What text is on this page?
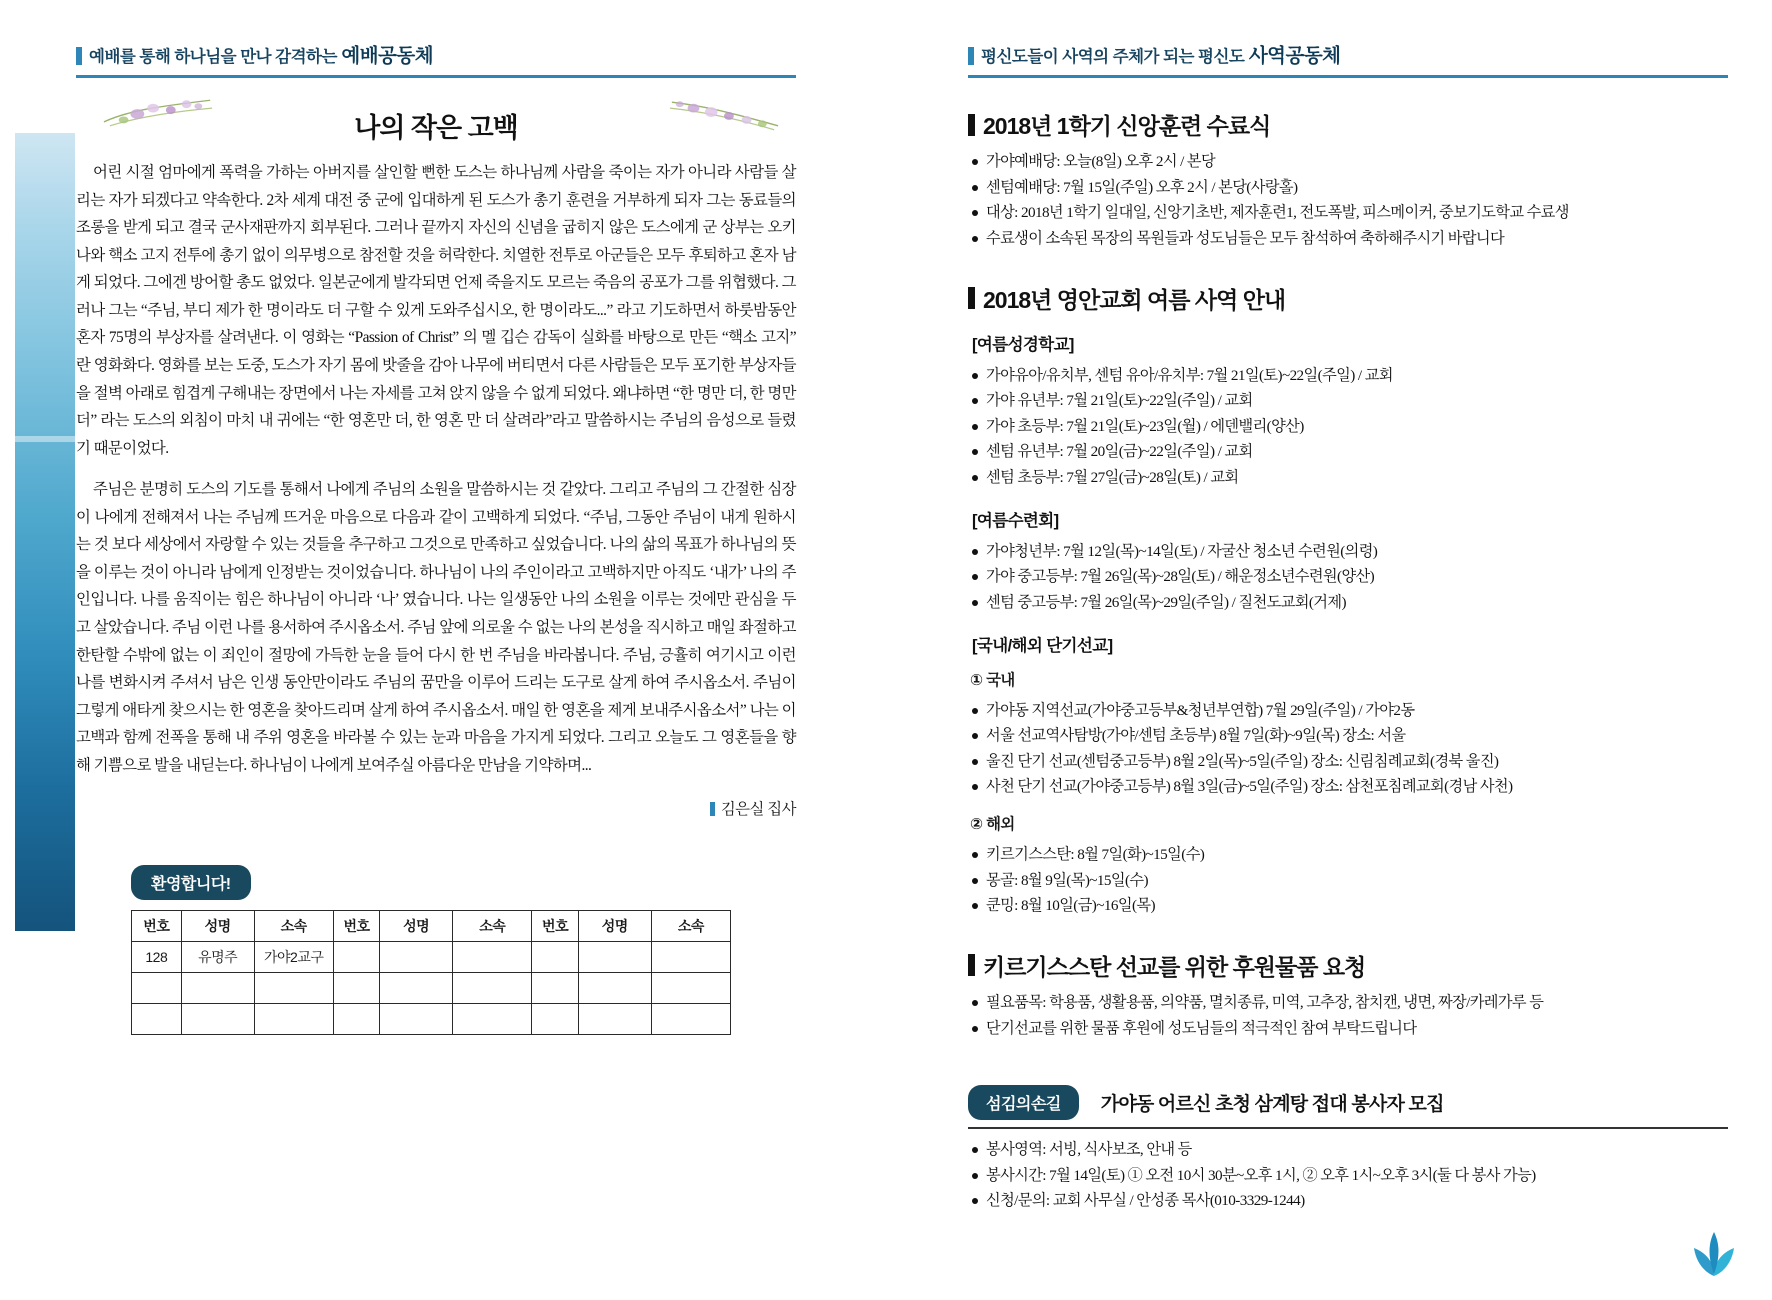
예배를 통해 하나님을 만나 감격하는 예배공동체
나의 작은 고백

어린 시절 엄마에게 폭력을 가하는 아버지를 살인할 뻔한 도스는 하나님께 사람을 죽이는 자가 아니라 사람들 살리는 자가 되겠다고 약속한다. 2차 세계 대전 중 군에 입대하게 된 도스가 총기 훈련을 거부하게 되자 그는 동료들의 조롱을 받게 되고 결국 군사재판까지 회부된다. 그러나 끝까지 자신의 신념을 굽히지 않은 도스에게 군 상부는 오키나와 핵소 고지 전투에 총기 없이 의무병으로 참전할 것을 허락한다. 치열한 전투로 아군들은 모두 후퇴하고 혼자 남게 되었다. 그에겐 방어할 총도 없었다. 일본군에게 발각되면 언제 죽을지도 모르는 죽음의 공포가 그를 위협했다. 그러나 그는 “주님, 부디 제가 한 명이라도 더 구할 수 있게 도와주십시오, 한 명이라도...” 라고 기도하면서 하룻밤동안 혼자 75명의 부상자를 살려낸다. 이 영화는 “Passion of Christ” 의 멜 깁슨 감독이 실화를 바탕으로 만든 “핵소 고지” 란 영화화다. 영화를 보는 도중, 도스가 자기 몸에 밧줄을 감아 나무에 버티면서 다른 사람들은 모두 포기한 부상자들을 절벽 아래로 힘겹게 구해내는 장면에서 나는 자세를 고쳐 앉지 않을 수 없게 되었다. 왜냐하면 “한 명만 더, 한 명만 더” 라는 도스의 외침이 마치 내 귀에는 “한 영혼만 더, 한 영혼 만 더 살려라”라고 말씀하시는 주님의 음성으로 들렸기 때문이었다.

주님은 분명히 도스의 기도를 통해서 나에게 주님의 소원을 말씀하시는 것 같았다. 그리고 주님의 그 간절한 심장이 나에게 전해져서 나는 주님께 뜨거운 마음으로 다음과 같이 고백하게 되었다. “주님, 그동안 주님이 내게 원하시는 것 보다 세상에서 자랑할 수 있는 것들을 추구하고 그것으로 만족하고 싶었습니다. 나의 삶의 목표가 하나님의 뜻을 이루는 것이 아니라 남에게 인정받는 것이었습니다. 하나님이 나의 주인이라고 고백하지만 아직도 ‘내가’ 나의 주인입니다. 나를 움직이는 힘은 하나님이 아니라 ‘나’ 였습니다. 나는 일생동안 나의 소원을 이루는 것에만 관심을 두고 살았습니다. 주님 이런 나를 용서하여 주시옵소서. 주님 앞에 의로울 수 없는 나의 본성을 직시하고 매일 좌절하고 한탄할 수밖에 없는 이 죄인이 절망에 가득한 눈을 들어 다시 한 번 주님을 바라봅니다. 주님, 긍휼히 여기시고 이런 나를 변화시켜 주셔서 남은 인생 동안만이라도 주님의 꿈만을 이루어 드리는 도구로 살게 하여 주시옵소서. 주님이 그렇게 애타게 찾으시는 한 영혼을 찾아드리며 살게 하여 주시옵소서. 매일 한 영혼을 제게 보내주시옵소서” 나는 이 고백과 함께 전폭을 통해 내 주위 영혼을 바라볼 수 있는 눈과 마음을 가지게 되었다. 그리고 오늘도 그 영혼들을 향해 기쁨으로 발을 내딛는다. 하나님이 나에게 보여주실 아름다운 만남을 기약하며...

김은실 집사
환영합니다!
번호	성명	소속	번호	성명	소속	번호	성명	소속
128	유명주	가야2교구						

평신도들이 사역의 주체가 되는 평신도 사역공동체
2018년 1학기 신앙훈련 수료식
가야예배당: 오늘(8일) 오후 2시 / 본당
센텀예배당: 7월 15일(주일) 오후 2시 / 본당(사랑홀)
대상: 2018년 1학기 일대일, 신앙기초반, 제자훈련1, 전도폭발, 피스메이커, 중보기도학교 수료생
수료생이 소속된 목장의 목원들과 성도님들은 모두 참석하여 축하해주시기 바랍니다
2018년 영안교회 여름 사역 안내
[여름성경학교]
가야유아/유치부, 센텀 유아/유치부: 7월 21일(토)~22일(주일) / 교회
가야 유년부: 7월 21일(토)~22일(주일) / 교회
가야 초등부: 7월 21일(토)~23일(월) / 에덴밸리(양산)
센텀 유년부: 7월 20일(금)~22일(주일) / 교회
센텀 초등부: 7월 27일(금)~28일(토) / 교회
[여름수련회]
가야청년부: 7월 12일(목)~14일(토) / 자굴산 청소년 수련원(의령)
가야 중고등부: 7월 26일(목)~28일(토) / 해운정소년수련원(양산)
센텀 중고등부: 7월 26일(목)~29일(주일) / 질천도교회(거제)
[국내/해외 단기선교]
① 국내
가야동 지역선교(가야중고등부&청년부연합) 7월 29일(주일) / 가야2동
서울 선교역사탐방(가야/센텀 초등부) 8월 7일(화)~9일(목) 장소: 서울
울진 단기 선교(센텀중고등부) 8월 2일(목)~5일(주일) 장소: 신림침례교회(경북 울진)
사천 단기 선교(가야중고등부) 8월 3일(금)~5일(주일) 장소: 삼천포침례교회(경남 사천)
② 해외
키르기스스탄: 8월 7일(화)~15일(수)
몽골: 8월 9일(목)~15일(수)
쿤밍: 8월 10일(금)~16일(목)
키르기스스탄 선교를 위한 후원물품 요청
필요품목: 학용품, 생활용품, 의약품, 멸치종류, 미역, 고추장, 참치캔, 냉면, 짜장/카레가루 등
단기선교를 위한 물품 후원에 성도님들의 적극적인 참여 부탁드립니다
섬김의손길	가야동 어르신 초청 삼계탕 접대 봉사자 모집
봉사영역: 서빙, 식사보조, 안내 등
봉사시간: 7월 14일(토) ① 오전 10시 30분~오후 1시, ② 오후 1시~오후 3시(둘 다 봉사 가능)
신청/문의: 교회 사무실 / 안성종 목사(010-3329-1244)
